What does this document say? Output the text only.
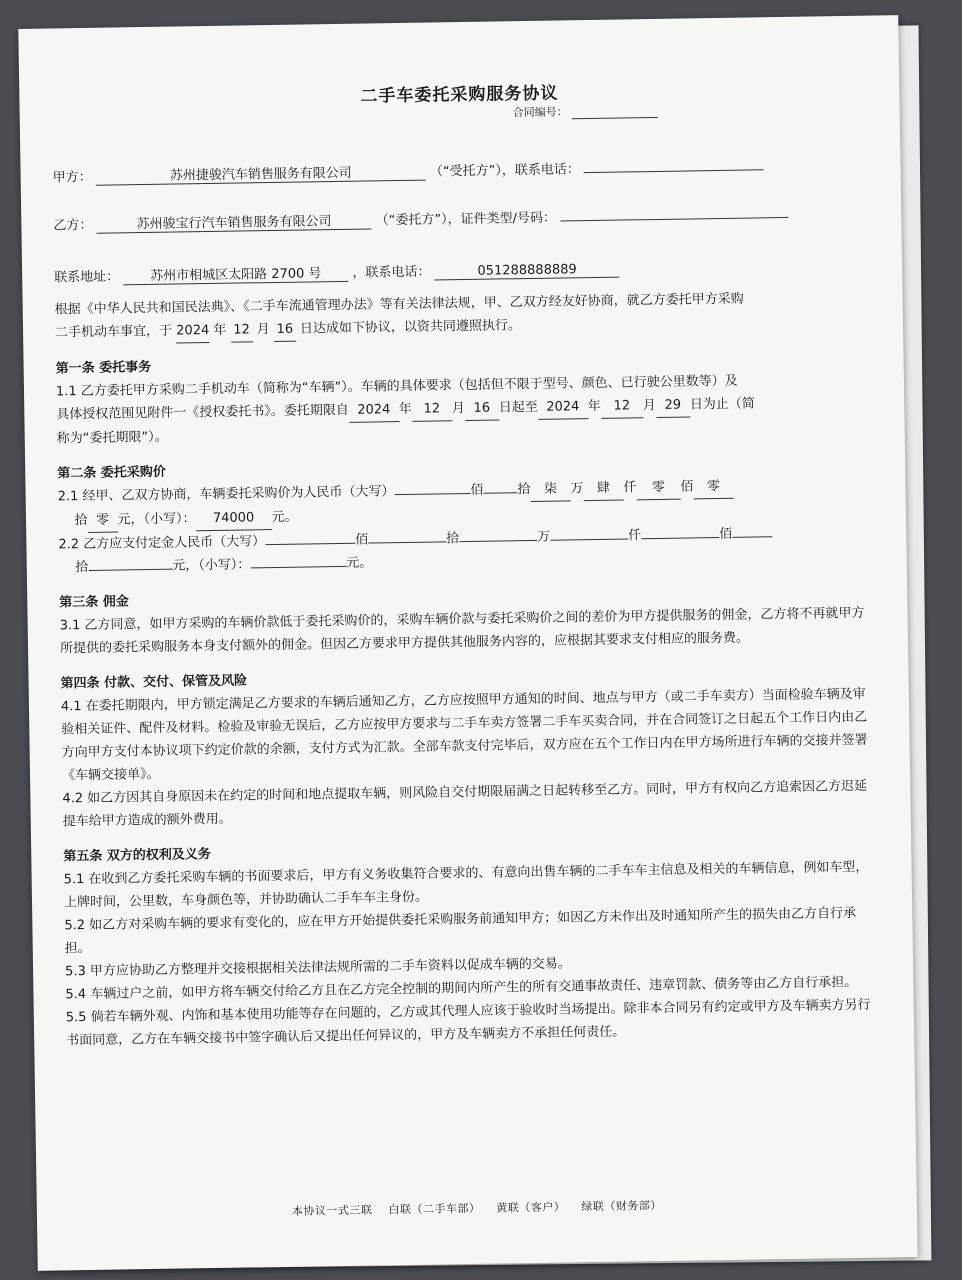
二手车委托采购服务协议
合同编号：
甲方：	苏州捷骏汽车销售服务有限公司	（“受托方”），联系电话：
乙方：	苏州骏宝行汽车销售服务有限公司	（“委托方”），证件类型/号码：
联系地址： 苏州市相城区太阳路 2700 号 ，联系电话：	051288888889

根据《中华人民共和国民法典》、《二手车流通管理办法》等有关法律法规，甲、乙双方经友好协商，就乙方委托甲方采购
二手机动车事宜，于 2024 年 12 月 16 日达成如下协议，以资共同遵照执行。

第一条 委托事务

1.1 乙方委托甲方采购二手机动车（简称为“车辆”）。车辆的具体要求（包括但不限于型号、颜色、已行驶公里数等）及
具体授权范围见附件一《授权委托书》。委托期限自 2024 年 12 月 16 日起至 2024 年 12 月 29 日为止（简
称为“委托期限”）。

第二条 委托采购价

2.1 经甲、乙双方协商，车辆委托采购价为人民币（大写）	佰	拾 柒 万 肆 仟 零 佰 零
拾 零 元，（小写）： 74000 元。
2.2 乙方应支付定金人民币（大写）	佰	拾	万	仟	佰
拾	元，（小写）：	元。

第三条 佣金

3.1 乙方同意，如甲方采购的车辆价款低于委托采购价的，采购车辆价款与委托采购价之间的差价为甲方提供服务的佣金，乙方将不再就甲方所提供的委托采购服务本身支付额外的佣金。但因乙方要求甲方提供其他服务内容的，应根据其要求支付相应的服务费。

第四条 付款、交付、保管及风险

4.1 在委托期限内，甲方锁定满足乙方要求的车辆后通知乙方，乙方应按照甲方通知的时间、地点与甲方（或二手车卖方）当面检验车辆及审验相关证件、配件及材料。检验及审验无误后，乙方应按甲方要求与二手车卖方签署二手车买卖合同，并在合同签订之日起五个工作日内由乙方向甲方支付本协议项下约定价款的余额，支付方式为汇款。全部车款支付完毕后，双方应在五个工作日内在甲方场所进行车辆的交接并签署《车辆交接单》。

4.2 如乙方因其自身原因未在约定的时间和地点提取车辆，则风险自交付期限届满之日起转移至乙方。同时，甲方有权向乙方追索因乙方迟延提车给甲方造成的额外费用。

第五条 双方的权利及义务

5.1 在收到乙方委托采购车辆的书面要求后，甲方有义务收集符合要求的、有意向出售车辆的二手车车主信息及相关的车辆信息，例如车型，上牌时间，公里数，车身颜色等，并协助确认二手车车主身份。

5.2 如乙方对采购车辆的要求有变化的，应在甲方开始提供委托采购服务前通知甲方；如因乙方未作出及时通知所产生的损失由乙方自行承担。

5.3 甲方应协助乙方整理并交接根据相关法律法规所需的二手车资料以促成车辆的交易。

5.4 车辆过户之前，如甲方将车辆交付给乙方且在乙方完全控制的期间内所产生的所有交通事故责任、违章罚款、债务等由乙方自行承担。

5.5 倘若车辆外观、内饰和基本使用功能等存在问题的，乙方或其代理人应该于验收时当场提出。除非本合同另有约定或甲方及车辆卖方另行书面同意，乙方在车辆交接书中签字确认后又提出任何异议的，甲方及车辆卖方不承担任何责任。

本协议一式三联 白联（二手车部） 黄联（客户） 绿联（财务部）
